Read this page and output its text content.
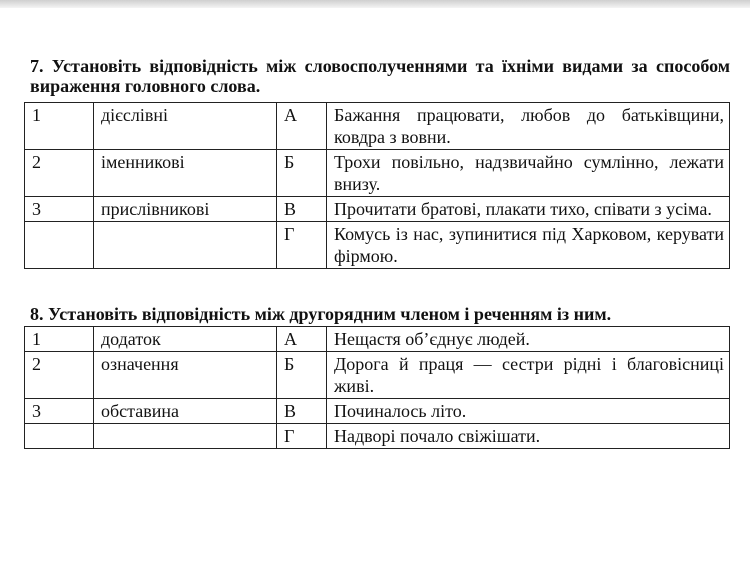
7. Установіть відповідність між словосполученнями та їхніми видами за способом вираження головного слова.
1	дієслівні	А	Бажання працювати, любов до батьківщини, ковдра з вовни.
2	іменникові	Б	Трохи повільно, надзвичайно сумлінно, лежати внизу.
3	прислівникові	В	Прочитати братові, плакати тихо, співати з усіма.
		Г	Комусь із нас, зупинитися під Харковом, керувати фірмою.
8. Установіть відповідність між другорядним членом і реченням із ним.
1	додаток	А	Нещастя об’єднує людей.
2	означення	Б	Дорога й праця — сестри рідні і благовісниці живі.
3	обставина	В	Починалось літо.
		Г	Надворі почало свіжішати.
